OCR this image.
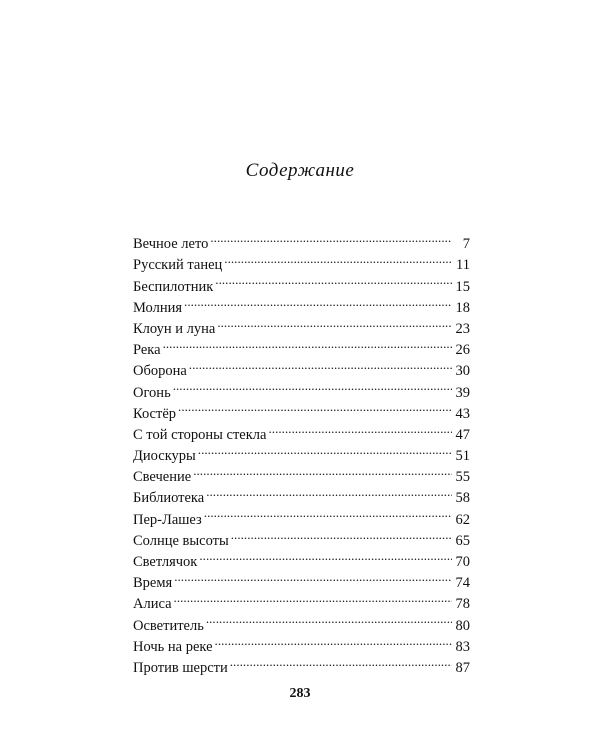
Содержание
Вечное лето . . .	7
Русский танец . . .	11
Беспилотник . . .	15
Молния . . .	18
Клоун и луна . . .	23
Река . . .	26
Оборона . . .	30
Огонь . . .	39
Костёр . . .	43
С той стороны стекла . . .	47
Диоскуры . . .	51
Свечение . . .	55
Библиотека . . .	58
Пер-Лашез . . .	62
Солнце высоты . . .	65
Светлячок . . .	70
Время . . .	74
Алиса . . .	78
Осветитель . . .	80
Ночь на реке . . .	83
Против шерсти . . .	87
283
